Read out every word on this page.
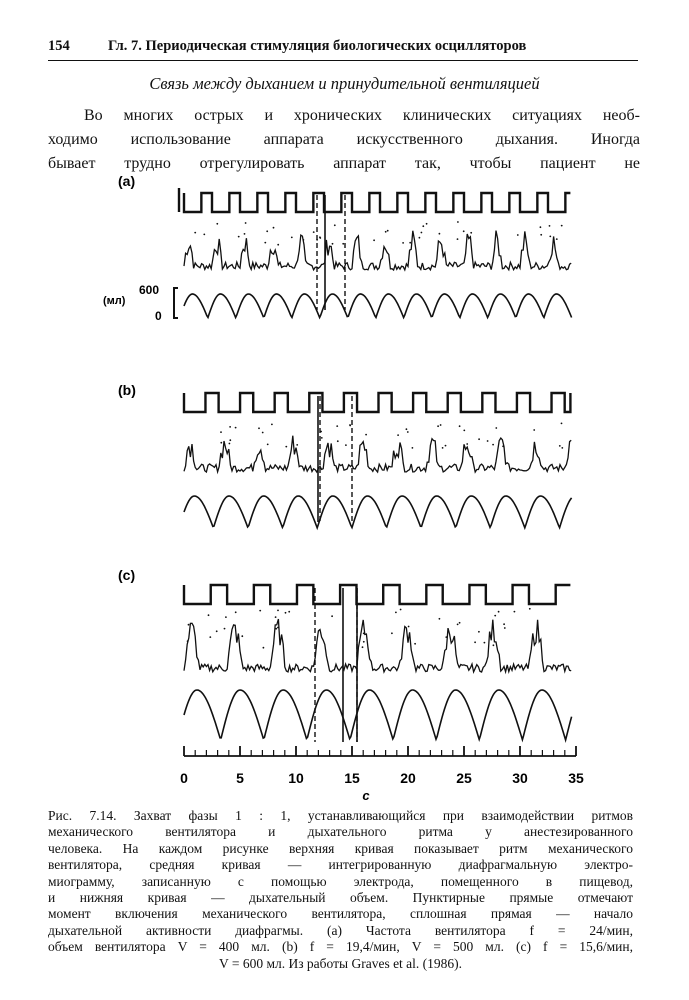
154	Гл. 7. Периодическая стимуляция биологических осцилляторов
Связь между дыханием и принудительной вентиляцией
Во многих острых и хронических клинических ситуациях необ-
ходимо использование аппарата искусственного дыхания. Иногда
бывает трудно отрегулировать аппарат так, чтобы пациент не
(a)
(b)
(c)
(мл)
600
0
0	5	10	15	20	25	30	35
с
Рис. 7.14. Захват фазы 1 : 1, устанавливающийся при взаимодействии ритмов
механического вентилятора и дыхательного ритма у анестезированного
человека. На каждом рисунке верхняя кривая показывает ритм механического
вентилятора, средняя кривая — интегрированную диафрагмальную электро-
миограмму, записанную с помощью электрода, помещенного в пищевод,
и нижняя кривая — дыхательный объем. Пунктирные прямые отмечают
момент включения механического вентилятора, сплошная прямая — начало
дыхательной активности диафрагмы. (a) Частота вентилятора f = 24/мин,
объем вентилятора V = 400 мл. (b) f = 19,4/мин, V = 500 мл. (c) f = 15,6/мин,
V = 600 мл. Из работы Graves et al. (1986).
